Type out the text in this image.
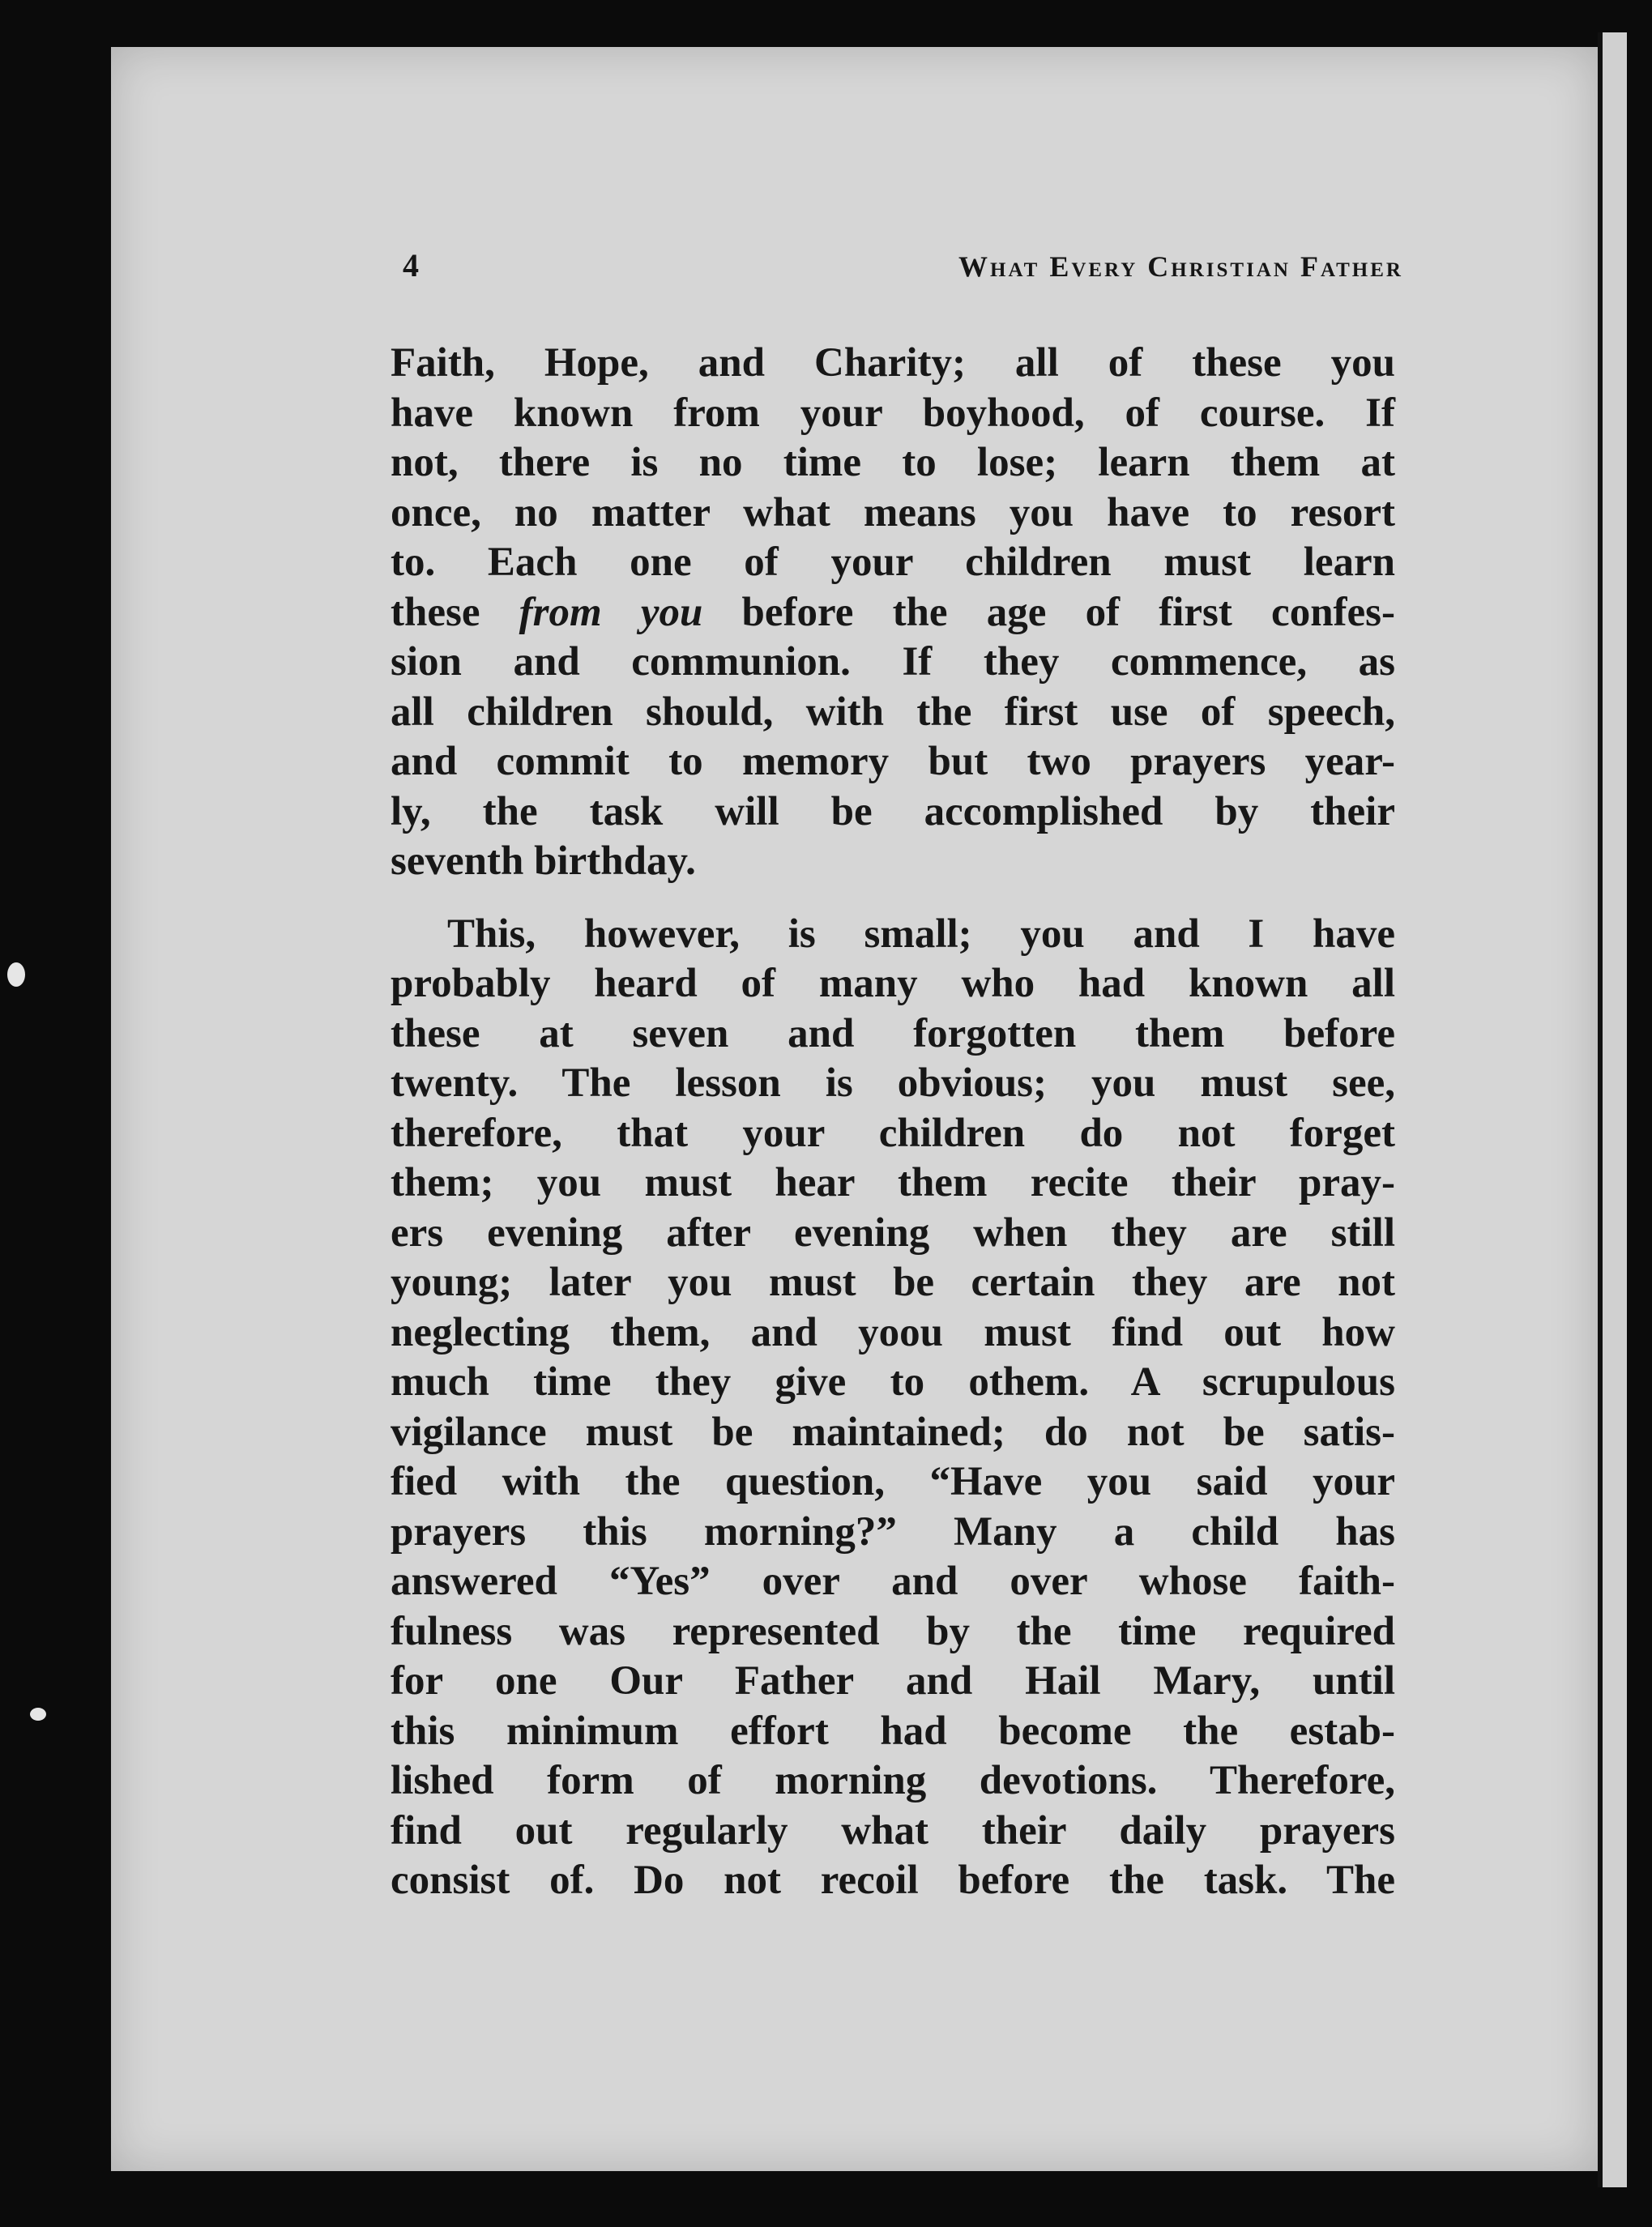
4	What Every Christian Father
Faith, Hope, and Charity; all of these you
have known from your boyhood, of course. If
not, there is no time to lose; learn them at
once, no matter what means you have to resort
to. Each one of your children must learn
these from you before the age of first confes-
sion and communion. If they commence, as
all children should, with the first use of speech,
and commit to memory but two prayers year-
ly, the task will be accomplished by their
seventh birthday.
This, however, is small; you and I have
probably heard of many who had known all
these at seven and forgotten them before
twenty. The lesson is obvious; you must see,
therefore, that your children do not forget
them; you must hear them recite their pray-
ers evening after evening when they are still
young; later you must be certain they are not
neglecting them, and yoou must find out how
much time they give to othem. A scrupulous
vigilance must be maintained; do not be satis-
fied with the question, “Have you said your
prayers this morning?” Many a child has
answered “Yes” over and over whose faith-
fulness was represented by the time required
for one Our Father and Hail Mary, until
this minimum effort had become the estab-
lished form of morning devotions. Therefore,
find out regularly what their daily prayers
consist of. Do not recoil before the task. The
